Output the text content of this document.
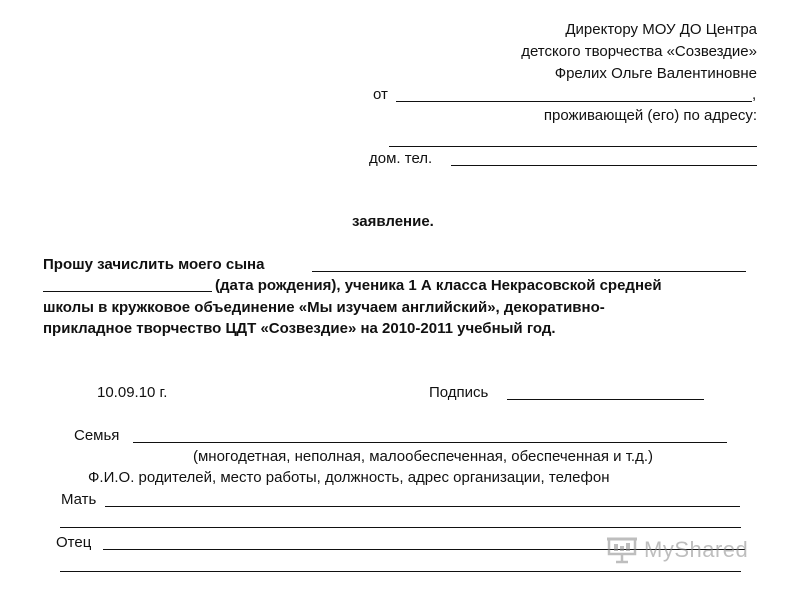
Директору МОУ ДО Центра
детского творчества «Созвездие»
Фрелих Ольге Валентиновне
от	,
проживающей (его) по адресу:
дом. тел.
заявление.
Прошу зачислить моего сына
(дата рождения), ученика 1 А класса Некрасовской средней
школы в кружковое объединение «Мы изучаем английский», декоративно-
прикладное творчество ЦДТ «Созвездие» на 2010-2011 учебный год.
10.09.10 г.	Подпись
Семья
(многодетная, неполная, малообеспеченная, обеспеченная и т.д.)
Ф.И.О. родителей, место работы, должность, адрес организации, телефон
Мать
Отец	MyShared
